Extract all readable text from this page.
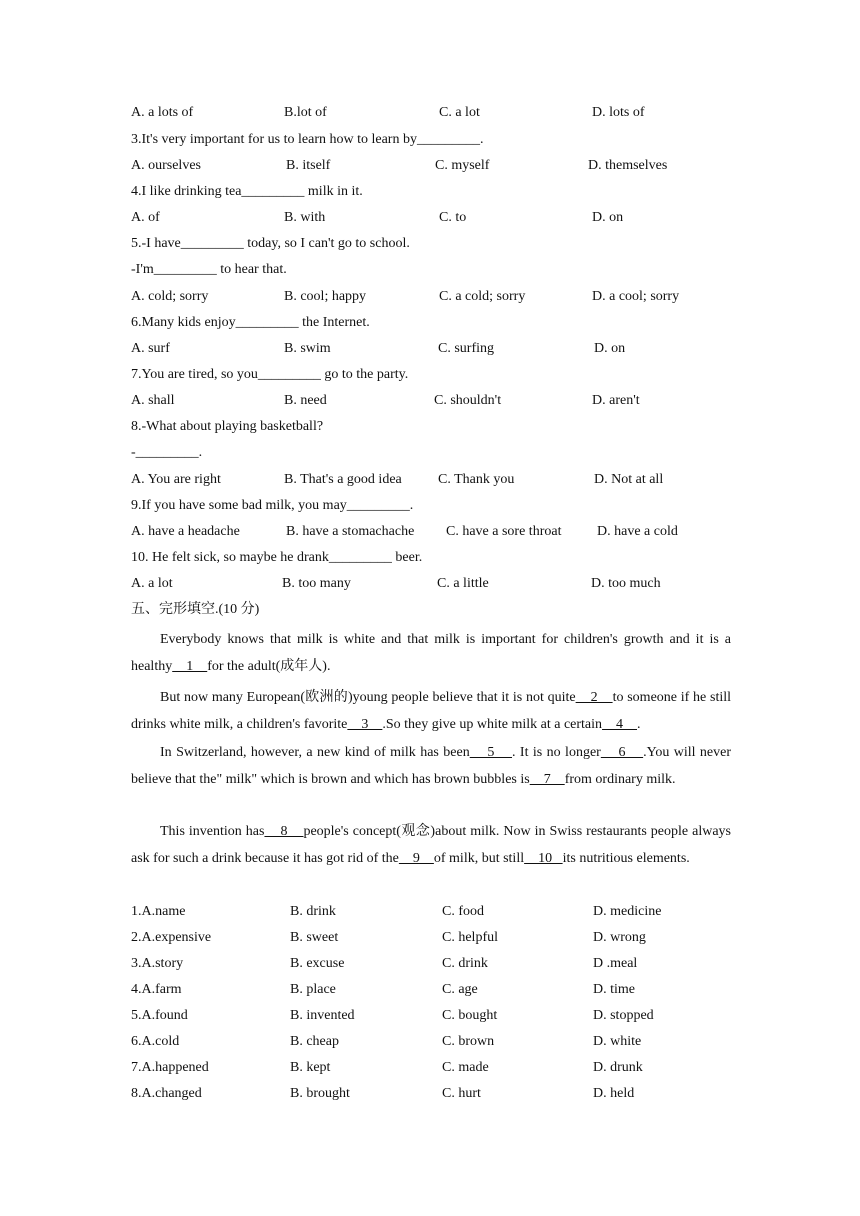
A. a lots of	B.lot of	C. a lot	D. lots of
3.It's very important for us to learn how to learn by_________.
A. ourselves	B. itself	C. myself	D. themselves
4.I like drinking tea_________ milk in it.
A. of	B. with	C. to	D. on
5.-I have_________ today, so I can't go to school.
-I'm_________ to hear that.
A. cold; sorry	B. cool; happy	C. a cold; sorry	D. a cool; sorry
6.Many kids enjoy_________ the Internet.
A. surf	B. swim	C. surfing	D. on
7.You are tired, so you_________ go to the party.
A. shall	B. need	C. shouldn't	D. aren't
8.-What about playing basketball?
-_________.
A. You are right	B. That's a good idea	C. Thank you	D. Not at all
9.If you have some bad milk, you may_________.
A. have a headache	B. have a stomachache C. have a sore throat	D. have a cold
10. He felt sick, so maybe he drank_________ beer.
A. a lot	B. too many	C. a little	D. too much
五、完形填空.(10 分)
Everybody knows that milk is white and that milk is important for children's growth and it is a healthy    1    for the adult(成年人).
But now many European(欧洲的)young people believe that it is not quite    2    to someone if he still drinks white milk, a children's favorite    3    .So they give up white milk at a certain    4    .
In Switzerland, however, a new kind of milk has been    5    . It is no longer    6    .You will never believe that the" milk" which is brown and which has brown bubbles is    7    from ordinary milk.
This invention has    8    people's concept(观念)about milk. Now in Swiss restaurants people always ask for such a drink because it has got rid of the    9    of milk, but still    10   its nutritious elements.
1.A.name	B. drink	C. food	D. medicine
2.A.expensive	B. sweet	C. helpful	D. wrong
3.A.story	B. excuse	C. drink	D .meal
4.A.farm	B. place	C. age	D. time
5.A.found	B. invented	C. bought	D. stopped
6.A.cold	B. cheap	C. brown	D. white
7.A.happened	B. kept	C. made	D. drunk
8.A.changed	B. brought	C. hurt	D. held
